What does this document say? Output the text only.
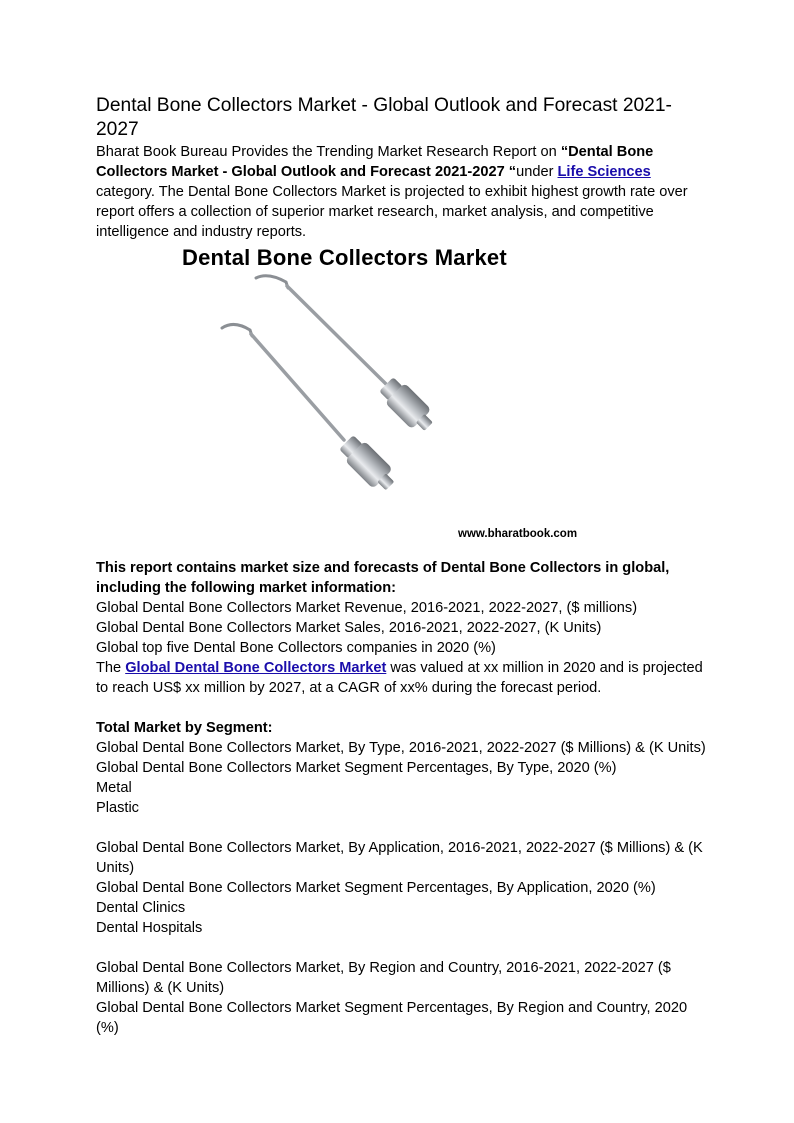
Dental Bone Collectors Market - Global Outlook and Forecast 2021-2027

Bharat Book Bureau Provides the Trending Market Research Report on “Dental Bone Collectors Market - Global Outlook and Forecast 2021-2027 “under Life Sciences category. The Dental Bone Collectors Market is projected to exhibit highest growth rate over report offers a collection of superior market research, market analysis, and competitive intelligence and industry reports.

Dental Bone Collectors Market
www.bharatbook.com

This report contains market size and forecasts of Dental Bone Collectors in global, including the following market information:

Global Dental Bone Collectors Market Revenue, 2016-2021, 2022-2027, ($ millions)

Global Dental Bone Collectors Market Sales, 2016-2021, 2022-2027, (K Units)

Global top five Dental Bone Collectors companies in 2020 (%)

The Global Dental Bone Collectors Market was valued at xx million in 2020 and is projected to reach US$ xx million by 2027, at a CAGR of xx% during the forecast period.

Total Market by Segment:

Global Dental Bone Collectors Market, By Type, 2016-2021, 2022-2027 ($ Millions) & (K Units)

Global Dental Bone Collectors Market Segment Percentages, By Type, 2020 (%)

Metal

Plastic

Global Dental Bone Collectors Market, By Application, 2016-2021, 2022-2027 ($ Millions) & (K Units)

Global Dental Bone Collectors Market Segment Percentages, By Application, 2020 (%)

Dental Clinics

Dental Hospitals

Global Dental Bone Collectors Market, By Region and Country, 2016-2021, 2022-2027 ($ Millions) & (K Units)

Global Dental Bone Collectors Market Segment Percentages, By Region and Country, 2020 (%)
